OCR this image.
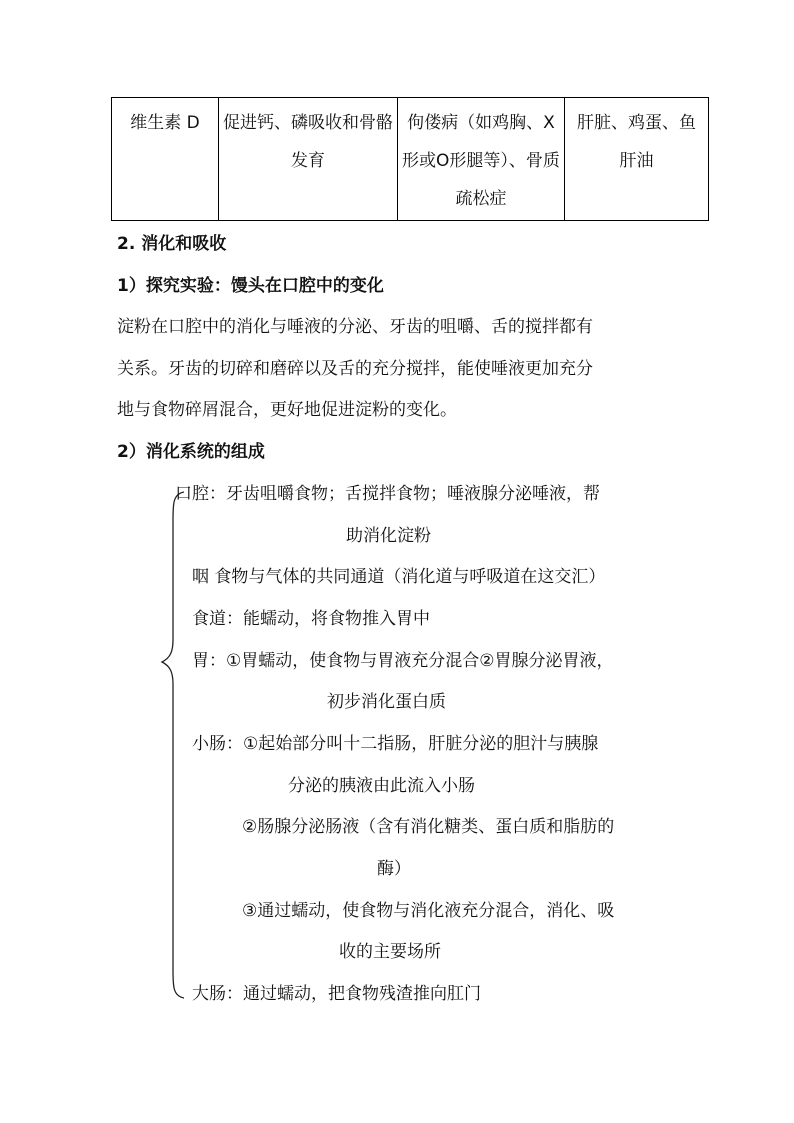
维生素 D	促进钙、磷吸收和骨骼发育	佝偻病（如鸡胸、X形或O形腿等）、骨质疏松症	肝脏、鸡蛋、鱼肝油
2. 消化和吸收
1）探究实验：馒头在口腔中的变化
淀粉在口腔中的消化与唾液的分泌、牙齿的咀嚼、舌的搅拌都有
关系。牙齿的切碎和磨碎以及舌的充分搅拌，能使唾液更加充分
地与食物碎屑混合，更好地促进淀粉的变化。
2）消化系统的组成
口腔：牙齿咀嚼食物；舌搅拌食物；唾液腺分泌唾液，帮
助消化淀粉
咽 食物与气体的共同通道（消化道与呼吸道在这交汇）
食道：能蠕动，将食物推入胃中
胃：①胃蠕动，使食物与胃液充分混合②胃腺分泌胃液，
初步消化蛋白质
小肠：①起始部分叫十二指肠，肝脏分泌的胆汁与胰腺
分泌的胰液由此流入小肠
②肠腺分泌肠液（含有消化糖类、蛋白质和脂肪的
酶）
③通过蠕动，使食物与消化液充分混合，消化、吸
收的主要场所
大肠：通过蠕动，把食物残渣推向肛门
